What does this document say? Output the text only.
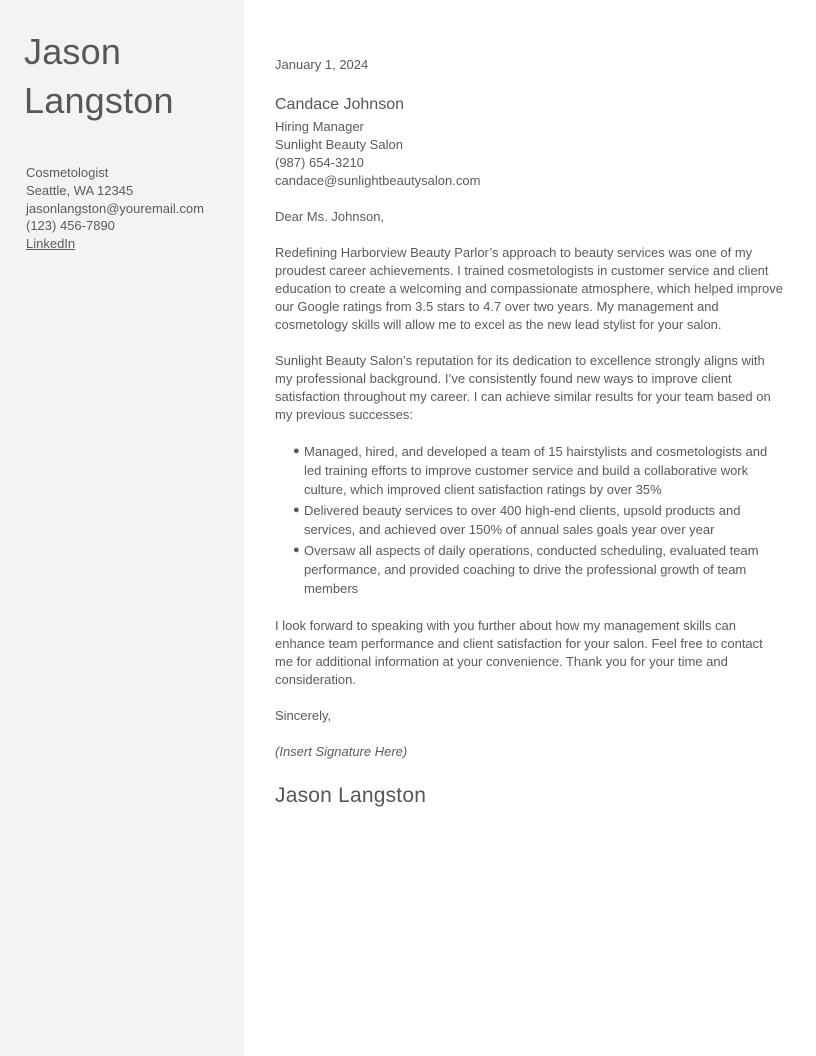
Jason
Langston
Cosmetologist
Seattle, WA 12345
jasonlangston@youremail.com
(123) 456-7890
LinkedIn
January 1, 2024
Candace Johnson
Hiring Manager
Sunlight Beauty Salon
(987) 654-3210
candace@sunlightbeautysalon.com
Dear Ms. Johnson,

Redefining Harborview Beauty Parlor’s approach to beauty services was one of my proudest career achievements. I trained cosmetologists in customer service and client education to create a welcoming and compassionate atmosphere, which helped improve our Google ratings from 3.5 stars to 4.7 over two years. My management and cosmetology skills will allow me to excel as the new lead stylist for your salon.

Sunlight Beauty Salon’s reputation for its dedication to excellence strongly aligns with my professional background. I’ve consistently found new ways to improve client satisfaction throughout my career. I can achieve similar results for your team based on my previous successes:

● Managed, hired, and developed a team of 15 hairstylists and cosmetologists and led training efforts to improve customer service and build a collaborative work culture, which improved client satisfaction ratings by over 35%
● Delivered beauty services to over 400 high-end clients, upsold products and services, and achieved over 150% of annual sales goals year over year
● Oversaw all aspects of daily operations, conducted scheduling, evaluated team performance, and provided coaching to drive the professional growth of team members

I look forward to speaking with you further about how my management skills can enhance team performance and client satisfaction for your salon. Feel free to contact me for additional information at your convenience. Thank you for your time and consideration.

Sincerely,
(Insert Signature Here)
Jason Langston
